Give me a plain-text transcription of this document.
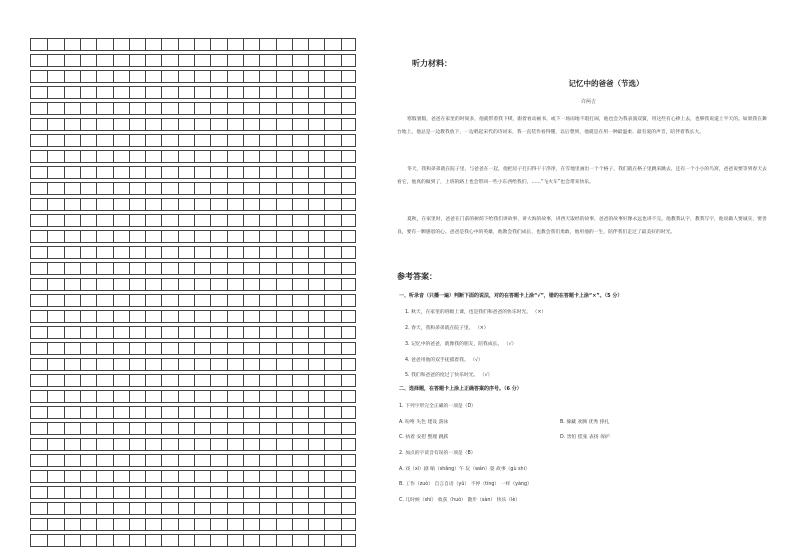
听力材料：
记忆中的爸爸（节选）
许两吉
寒假暑假，爸爸在家里的时间多，他就带着我下棋，跟着看动画书，或下一场雨地不堪打闹，他也会为我表演双簧，用这些有心捧上去，也够我说道上半天的。如果我在舞台地上。他总是一边教我放下，一边唱起宋代的诗词来，我一直装作看得懂，以后想到，他就是在用一种最温柔、最有爱的声音，陪伴着我长大。
冬天，我和弟弟就在院子里，与爸爸在一起，他把房子打扫得干干净净，在雪地里画出一个个格子，我们就在格子里跳来跳去，还有一个小小的鸟窝，爸爸说要等到春天去看它，他真的做到了，上班的路上也会带回一些小东西给我们，……“飞火车”也会带来快乐。
夏秋，在家里时，爸爸在门前的树荫下给我们讲故事，讲大海的故事，讲西天取经的故事，爸爸的故事好像永远也讲不完。他教我认字，教我写字，他说做人要诚实，要善良，要有一颗感恩的心。爸爸是我心中的英雄，他教会我们成长，也教会我们勇敢，他用他的一生，陪伴我们走过了最美好的时光。
参考答案：
一、听录音（只播一遍）判断下面的说法，对的在答题卡上涂“√”，错的在答题卡上涂“×”。（5 分）
1. 秋天，在家里的班级上课，也是我们和爸爸的快乐时光。 （×）
2. 春天，我和弟弟就在院子里。 （×）
3. 记忆中的爸爸，就像我的朋友，陪我成长。 （√）
4. 爸爸用他的双手抚摸着我。 （√）
5. 我们和爸爸的度过了快乐时光。 （√）
二、选择题，在答题卡上涂上正确答案的序号。（6 分）
1. 下列字形完全正确的一项是（D）
A. 吩咐 失色 建设 游泳	B. 躲藏 欢腾 优秀 挣扎
C. 执着 安慰 整理 跳跃	D. 害怕 慌张 表扬 保护
2. 加点的字读音有误的一项是（B）
A. 戏（xì）剧 晌（shǎng）午 玩（wán）耍 故事（gù shi）
B. 工作（zuò） 自言自语（yǔ） 不停（tíng） 一样（yàng）
C. 几时候（shí） 收获（huò） 散步（sàn） 快乐（lè）
